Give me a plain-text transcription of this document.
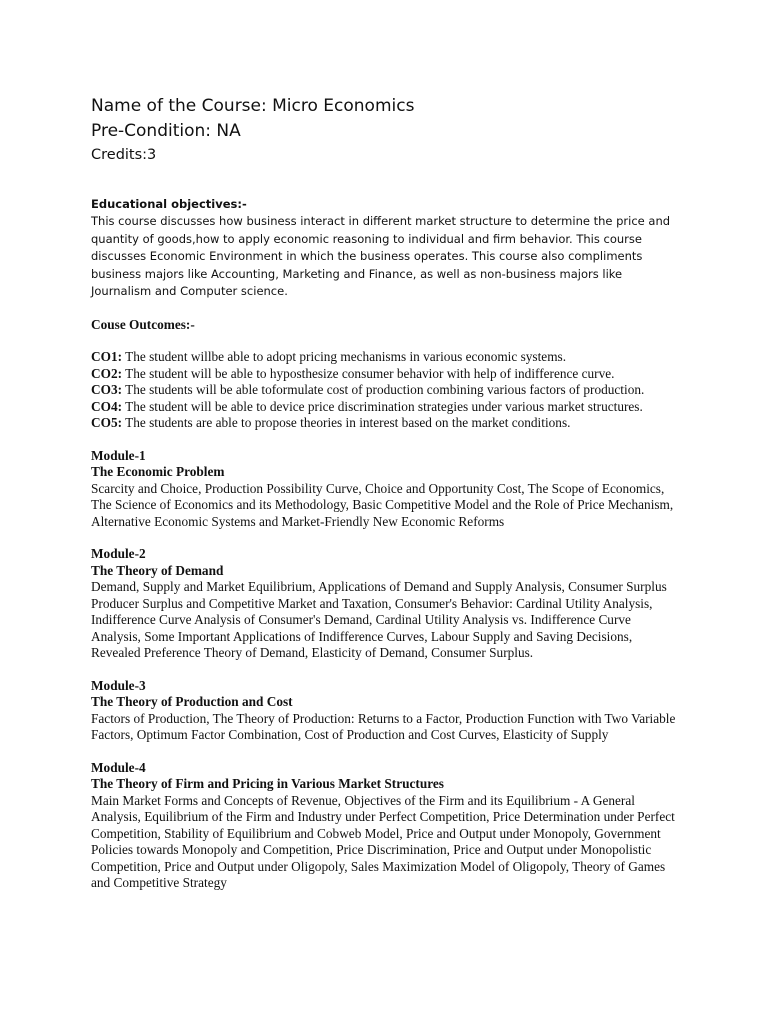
Name of the Course: Micro Economics

Pre-Condition: NA

Credits:3

Educational objectives:-

This course discusses how business interact in different market structure to determine the price and quantity of goods,how to apply economic reasoning to individual and firm behavior. This course discusses Economic Environment in which the business operates. This course also compliments business majors like Accounting, Marketing and Finance, as well as non-business majors like Journalism and Computer science.

Couse Outcomes:-

CO1: The student willbe able to adopt pricing mechanisms in various economic systems.

CO2: The student will be able to hyposthesize consumer behavior with help of indifference curve.

CO3: The students will be able toformulate cost of production combining various factors of production.

CO4: The student will be able to device price discrimination strategies under various market structures.

CO5: The students are able to propose theories in interest based on the market conditions.

Module-1

The Economic Problem

Scarcity and Choice, Production Possibility Curve, Choice and Opportunity Cost, The Scope of Economics, The Science of Economics and its Methodology, Basic Competitive Model and the Role of Price Mechanism, Alternative Economic Systems and Market-Friendly New Economic Reforms

Module-2

The Theory of Demand

Demand, Supply and Market Equilibrium, Applications of Demand and Supply Analysis, Consumer Surplus Producer Surplus and Competitive Market and Taxation, Consumer's Behavior: Cardinal Utility Analysis, Indifference Curve Analysis of Consumer's Demand, Cardinal Utility Analysis vs. Indifference Curve Analysis, Some Important Applications of Indifference Curves, Labour Supply and Saving Decisions, Revealed Preference Theory of Demand, Elasticity of Demand, Consumer Surplus.

Module-3

The Theory of Production and Cost

Factors of Production, The Theory of Production: Returns to a Factor, Production Function with Two Variable Factors, Optimum Factor Combination, Cost of Production and Cost Curves, Elasticity of Supply

Module-4

The Theory of Firm and Pricing in Various Market Structures

Main Market Forms and Concepts of Revenue, Objectives of the Firm and its Equilibrium - A General Analysis, Equilibrium of the Firm and Industry under Perfect Competition, Price Determination under Perfect Competition, Stability of Equilibrium and Cobweb Model, Price and Output under Monopoly, Government Policies towards Monopoly and Competition, Price Discrimination, Price and Output under Monopolistic Competition, Price and Output under Oligopoly, Sales Maximization Model of Oligopoly, Theory of Games and Competitive Strategy
